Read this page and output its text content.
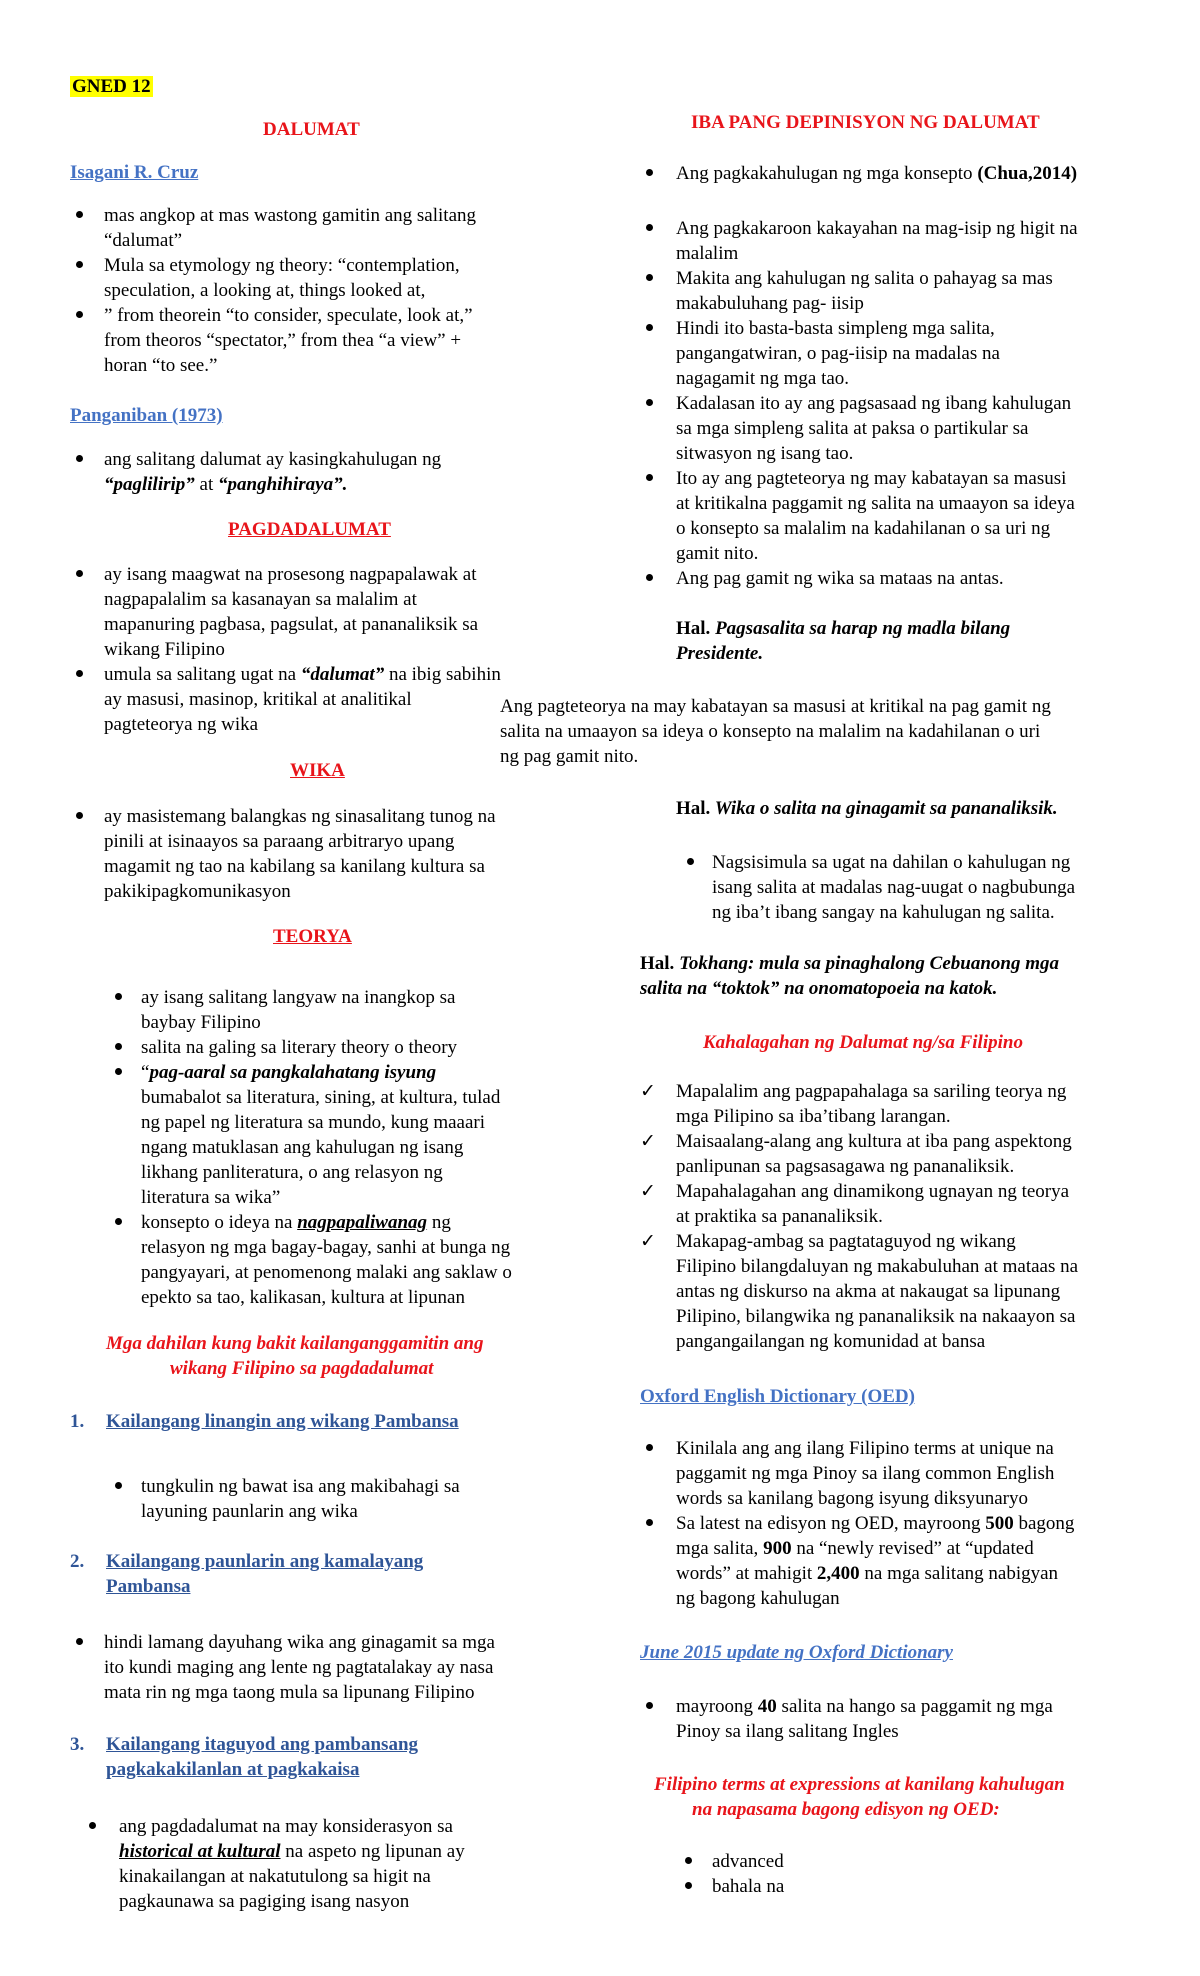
GNED 12
DALUMAT
Isagani R. Cruz
mas angkop at mas wastong gamitin ang salitang
“dalumat”
Mula sa etymology ng theory: “contemplation,
speculation, a looking at, things looked at,
” from theorein “to consider, speculate, look at,”
from theoros “spectator,” from thea “a view” +
horan “to see.”
Panganiban (1973)
ang salitang dalumat ay kasingkahulugan ng
“paglilirip” at “panghihiraya”.
PAGDADALUMAT
ay isang maagwat na prosesong nagpapalawak at
nagpapalalim sa kasanayan sa malalim at
mapanuring pagbasa, pagsulat, at pananaliksik sa
wikang Filipino
umula sa salitang ugat na “dalumat” na ibig sabihin
ay masusi, masinop, kritikal at analitikal
pagteteorya ng wika
WIKA
ay masistemang balangkas ng sinasalitang tunog na
pinili at isinaayos sa paraang arbitraryo upang
magamit ng tao na kabilang sa kanilang kultura sa
pakikipagkomunikasyon
TEORYA
ay isang salitang langyaw na inangkop sa
baybay Filipino
salita na galing sa literary theory o theory
“pag-aaral sa pangkalahatang isyung
bumabalot sa literatura, sining, at kultura, tulad
ng papel ng literatura sa mundo, kung maaari
ngang matuklasan ang kahulugan ng isang
likhang panliteratura, o ang relasyon ng
literatura sa wika”
konsepto o ideya na nagpapaliwanag ng
relasyon ng mga bagay-bagay, sanhi at bunga ng
pangyayari, at penomenong malaki ang saklaw o
epekto sa tao, kalikasan, kultura at lipunan
Mga dahilan kung bakit kailanganggamitin ang
wikang Filipino sa pagdadalumat
1. Kailangang linangin ang wikang Pambansa
tungkulin ng bawat isa ang makibahagi sa
layuning paunlarin ang wika
2. Kailangang paunlarin ang kamalayang
Pambansa
hindi lamang dayuhang wika ang ginagamit sa mga
ito kundi maging ang lente ng pagtatalakay ay nasa
mata rin ng mga taong mula sa lipunang Filipino
3. Kailangang itaguyod ang pambansang
pagkakakilanlan at pagkakaisa
ang pagdadalumat na may konsiderasyon sa
historical at kultural na aspeto ng lipunan ay
kinakailangan at nakatutulong sa higit na
pagkaunawa sa pagiging isang nasyon
IBA PANG DEPINISYON NG DALUMAT
Ang pagkakahulugan ng mga konsepto (Chua,2014)
Ang pagkakaroon kakayahan na mag-isip ng higit na
malalim
Makita ang kahulugan ng salita o pahayag sa mas
makabuluhang pag- iisip
Hindi ito basta-basta simpleng mga salita,
pangangatwiran, o pag-iisip na madalas na
nagagamit ng mga tao.
Kadalasan ito ay ang pagsasaad ng ibang kahulugan
sa mga simpleng salita at paksa o partikular sa
sitwasyon ng isang tao.
Ito ay ang pagteteorya ng may kabatayan sa masusi
at kritikalna paggamit ng salita na umaayon sa ideya
o konsepto sa malalim na kadahilanan o sa uri ng
gamit nito.
Ang pag gamit ng wika sa mataas na antas.
Hal. Pagsasalita sa harap ng madla bilang
Presidente.
Ang pagteteorya na may kabatayan sa masusi at kritikal na pag gamit ng
salita na umaayon sa ideya o konsepto na malalim na kadahilanan o uri
ng pag gamit nito.
Hal. Wika o salita na ginagamit sa pananaliksik.
Nagsisimula sa ugat na dahilan o kahulugan ng
isang salita at madalas nag-uugat o nagbubunga
ng iba’t ibang sangay na kahulugan ng salita.
Hal. Tokhang: mula sa pinaghalong Cebuanong mga
salita na “toktok” na onomatopoeia na katok.
Kahalagahan ng Dalumat ng/sa Filipino
✓ Mapalalim ang pagpapahalaga sa sariling teorya ng
mga Pilipino sa iba’tibang larangan.
✓ Maisaalang-alang ang kultura at iba pang aspektong
panlipunan sa pagsasagawa ng pananaliksik.
✓ Mapahalagahan ang dinamikong ugnayan ng teorya
at praktika sa pananaliksik.
✓ Makapag-ambag sa pagtataguyod ng wikang
Filipino bilangdaluyan ng makabuluhan at mataas na
antas ng diskurso na akma at nakaugat sa lipunang
Pilipino, bilangwika ng pananaliksik na nakaayon sa
pangangailangan ng komunidad at bansa
Oxford English Dictionary (OED)
Kinilala ang ang ilang Filipino terms at unique na
paggamit ng mga Pinoy sa ilang common English
words sa kanilang bagong isyung diksyunaryo
Sa latest na edisyon ng OED, mayroong 500 bagong
mga salita, 900 na “newly revised” at “updated
words” at mahigit 2,400 na mga salitang nabigyan
ng bagong kahulugan
June 2015 update ng Oxford Dictionary
mayroong 40 salita na hango sa paggamit ng mga
Pinoy sa ilang salitang Ingles
Filipino terms at expressions at kanilang kahulugan
na napasama bagong edisyon ng OED:
advanced
bahala na
